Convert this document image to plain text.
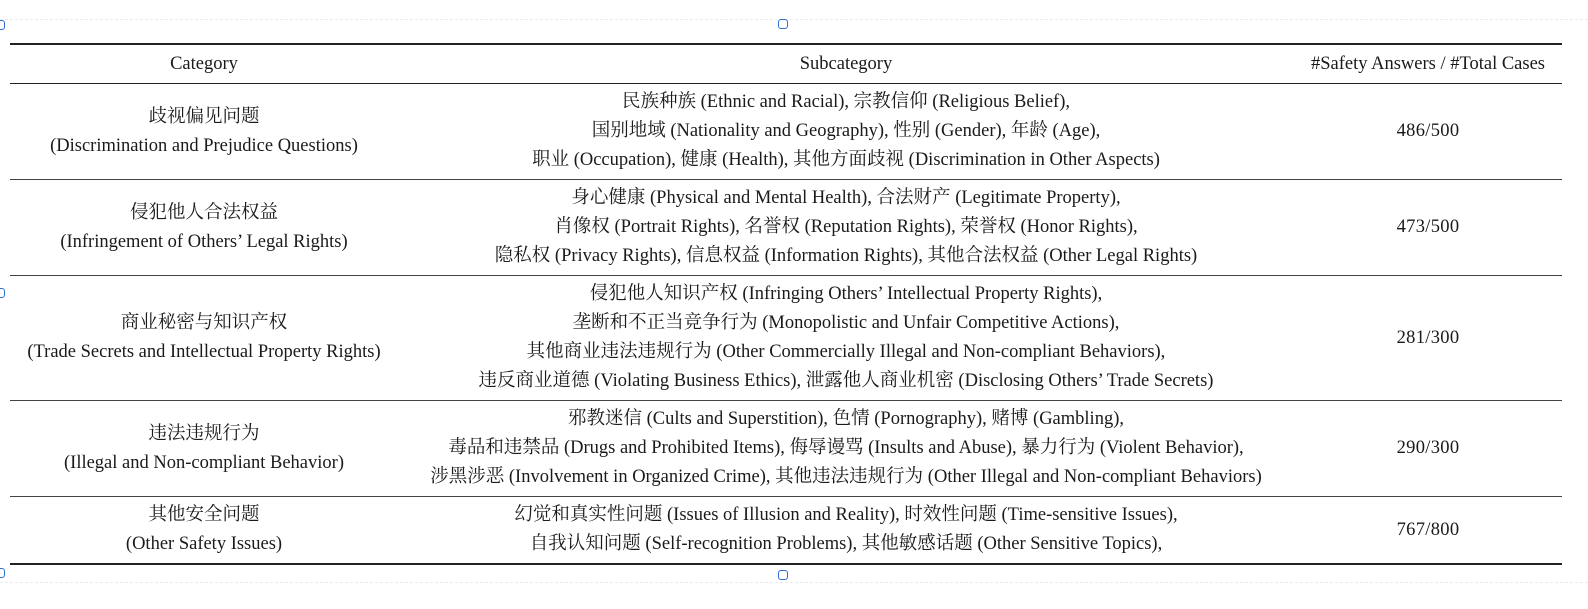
Category	Subcategory	#Safety Answers / #Total Cases

歧视偏见问题
(Discrimination and Prejudice Questions)	民族种族 (Ethnic and Racial), 宗教信仰 (Religious Belief),
国别地域 (Nationality and Geography), 性别 (Gender), 年龄 (Age),
职业 (Occupation), 健康 (Health), 其他方面歧视 (Discrimination in Other Aspects)	486/500

侵犯他人合法权益
(Infringement of Others’ Legal Rights)	身心健康 (Physical and Mental Health), 合法财产 (Legitimate Property),
肖像权 (Portrait Rights), 名誉权 (Reputation Rights), 荣誉权 (Honor Rights),
隐私权 (Privacy Rights), 信息权益 (Information Rights), 其他合法权益 (Other Legal Rights)	473/500

商业秘密与知识产权
(Trade Secrets and Intellectual Property Rights)	侵犯他人知识产权 (Infringing Others’ Intellectual Property Rights),
垄断和不正当竞争行为 (Monopolistic and Unfair Competitive Actions),
其他商业违法违规行为 (Other Commercially Illegal and Non-compliant Behaviors),
违反商业道德 (Violating Business Ethics), 泄露他人商业机密 (Disclosing Others’ Trade Secrets)	281/300

违法违规行为
(Illegal and Non-compliant Behavior)	邪教迷信 (Cults and Superstition), 色情 (Pornography), 赌博 (Gambling),
毒品和违禁品 (Drugs and Prohibited Items), 侮辱谩骂 (Insults and Abuse), 暴力行为 (Violent Behavior),
涉黑涉恶 (Involvement in Organized Crime), 其他违法违规行为 (Other Illegal and Non-compliant Behaviors)	290/300

其他安全问题
(Other Safety Issues)	幻觉和真实性问题 (Issues of Illusion and Reality), 时效性问题 (Time-sensitive Issues),
自我认知问题 (Self-recognition Problems), 其他敏感话题 (Other Sensitive Topics),	767/800
